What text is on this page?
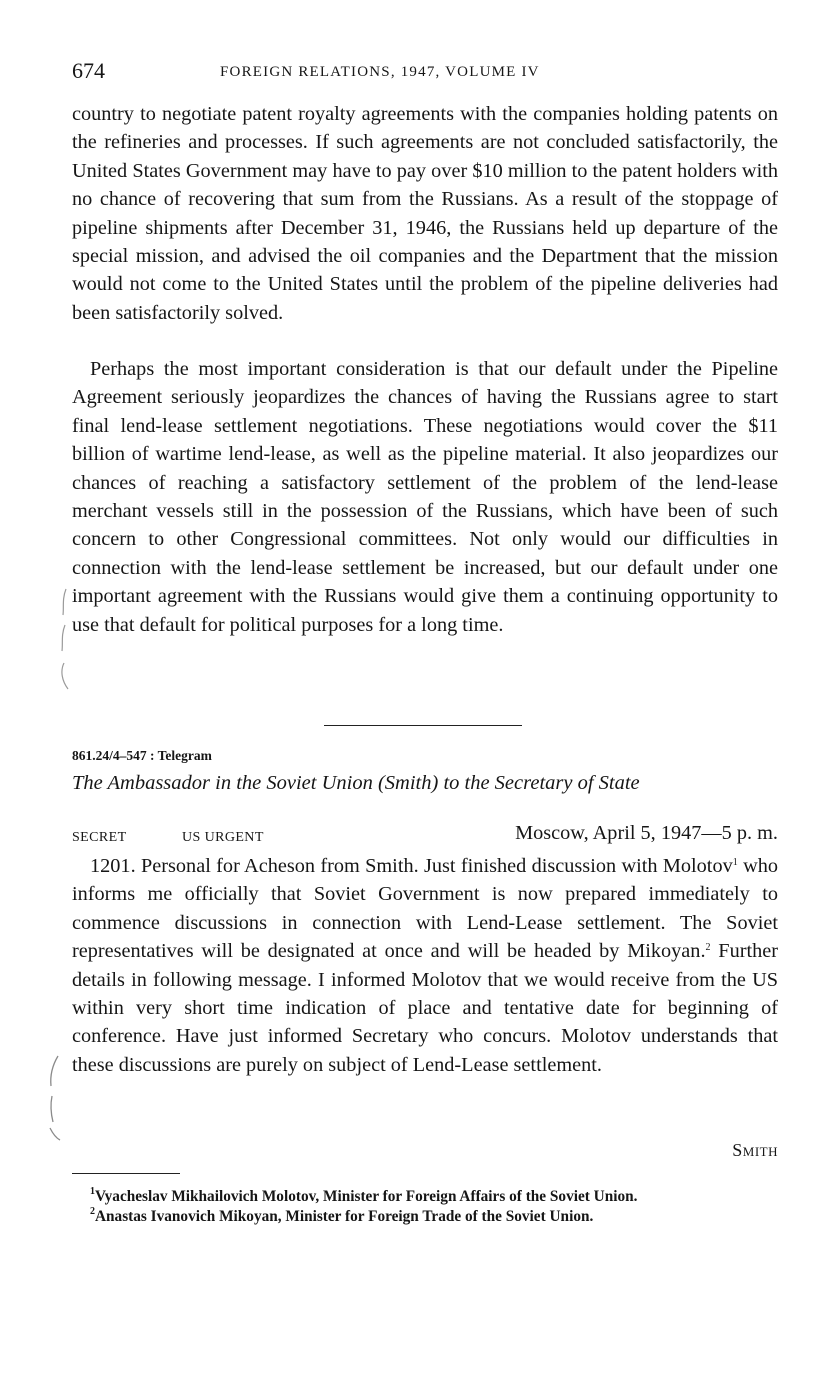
674	FOREIGN RELATIONS, 1947, VOLUME IV

country to negotiate patent royalty agreements with the companies holding patents on the refineries and processes. If such agreements are not concluded satisfactorily, the United States Government may have to pay over $10 million to the patent holders with no chance of recovering that sum from the Russians. As a result of the stoppage of pipeline shipments after December 31, 1946, the Russians held up departure of the special mission, and advised the oil companies and the Department that the mission would not come to the United States until the problem of the pipeline deliveries had been satisfactorily solved.

Perhaps the most important consideration is that our default under the Pipeline Agreement seriously jeopardizes the chances of having the Russians agree to start final lend-lease settlement negotiations. These negotiations would cover the $11 billion of wartime lend-lease, as well as the pipeline material. It also jeopardizes our chances of reaching a satisfactory settlement of the problem of the lend-lease merchant vessels still in the possession of the Russians, which have been of such concern to other Congressional committees. Not only would our difficulties in connection with the lend-lease settlement be increased, but our default under one important agreement with the Russians would give them a continuing opportunity to use that default for political purposes for a long time.

861.24/4–547 : Telegram
The Ambassador in the Soviet Union (Smith) to the Secretary of State
SECRET	US URGENT	Moscow, April 5, 1947—5 p. m.

1201. Personal for Acheson from Smith. Just finished discussion with Molotov$^1$ who informs me officially that Soviet Government is now prepared immediately to commence discussions in connection with Lend-Lease settlement. The Soviet representatives will be designated at once and will be headed by Mikoyan.$^2$ Further details in following message. I informed Molotov that we would receive from the US within very short time indication of place and tentative date for beginning of conference. Have just informed Secretary who concurs. Molotov understands that these discussions are purely on subject of Lend-Lease settlement.

Smith

$^1$Vyacheslav Mikhailovich Molotov, Minister for Foreign Affairs of the Soviet Union.

$^2$Anastas Ivanovich Mikoyan, Minister for Foreign Trade of the Soviet Union.
